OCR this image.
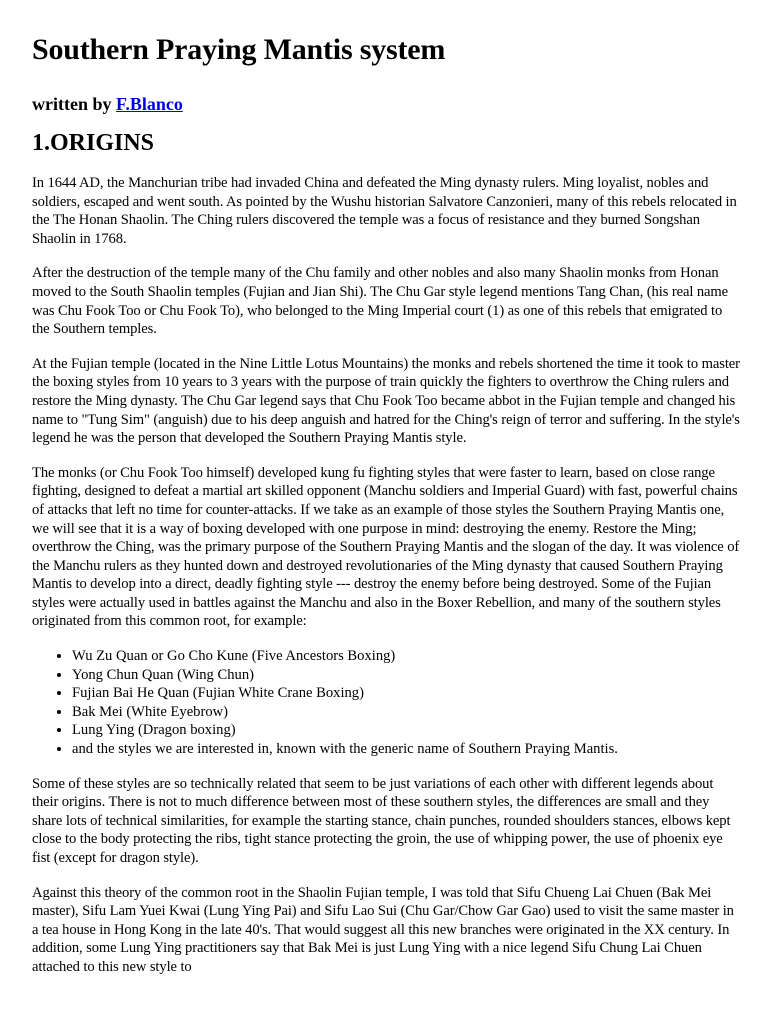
Southern Praying Mantis system
written by F.Blanco
1.ORIGINS

In 1644 AD, the Manchurian tribe had invaded China and defeated the Ming dynasty rulers. Ming loyalist, nobles and soldiers, escaped and went south. As pointed by the Wushu historian Salvatore Canzonieri, many of this rebels relocated in the The Honan Shaolin. The Ching rulers discovered the temple was a focus of resistance and they burned Songshan Shaolin in 1768.

After the destruction of the temple many of the Chu family and other nobles and also many Shaolin monks from Honan moved to the South Shaolin temples (Fujian and Jian Shi). The Chu Gar style legend mentions Tang Chan, (his real name was Chu Fook Too or Chu Fook To), who belonged to the Ming Imperial court (1) as one of this rebels that emigrated to the Southern temples.

At the Fujian temple (located in the Nine Little Lotus Mountains) the monks and rebels shortened the time it took to master the boxing styles from 10 years to 3 years with the purpose of train quickly the fighters to overthrow the Ching rulers and restore the Ming dynasty. The Chu Gar legend says that Chu Fook Too became abbot in the Fujian temple and changed his name to "Tung Sim" (anguish) due to his deep anguish and hatred for the Ching's reign of terror and suffering. In the style's legend he was the person that developed the Southern Praying Mantis style.

The monks (or Chu Fook Too himself) developed kung fu fighting styles that were faster to learn, based on close range fighting, designed to defeat a martial art skilled opponent (Manchu soldiers and Imperial Guard) with fast, powerful chains of attacks that left no time for counter-attacks. If we take as an example of those styles the Southern Praying Mantis one, we will see that it is a way of boxing developed with one purpose in mind: destroying the enemy. Restore the Ming; overthrow the Ching, was the primary purpose of the Southern Praying Mantis and the slogan of the day. It was violence of the Manchu rulers as they hunted down and destroyed revolutionaries of the Ming dynasty that caused Southern Praying Mantis to develop into a direct, deadly fighting style --- destroy the enemy before being destroyed. Some of the Fujian styles were actually used in battles against the Manchu and also in the Boxer Rebellion, and many of the southern styles originated from this common root, for example:

• Wu Zu Quan or Go Cho Kune (Five Ancestors Boxing)
• Yong Chun Quan (Wing Chun)
• Fujian Bai He Quan (Fujian White Crane Boxing)
• Bak Mei (White Eyebrow)
• Lung Ying (Dragon boxing)
• and the styles we are interested in, known with the generic name of Southern Praying Mantis.

Some of these styles are so technically related that seem to be just variations of each other with different legends about their origins. There is not to much difference between most of these southern styles, the differences are small and they share lots of technical similarities, for example the starting stance, chain punches, rounded shoulders stances, elbows kept close to the body protecting the ribs, tight stance protecting the groin, the use of whipping power, the use of phoenix eye fist (except for dragon style).

Against this theory of the common root in the Shaolin Fujian temple, I was told that Sifu Chueng Lai Chuen (Bak Mei master), Sifu Lam Yuei Kwai (Lung Ying Pai) and Sifu Lao Sui (Chu Gar/Chow Gar Gao) used to visit the same master in a tea house in Hong Kong in the late 40's. That would suggest all this new branches were originated in the XX century. In addition, some Lung Ying practitioners say that Bak Mei is just Lung Ying with a nice legend Sifu Chung Lai Chuen attached to this new style to
